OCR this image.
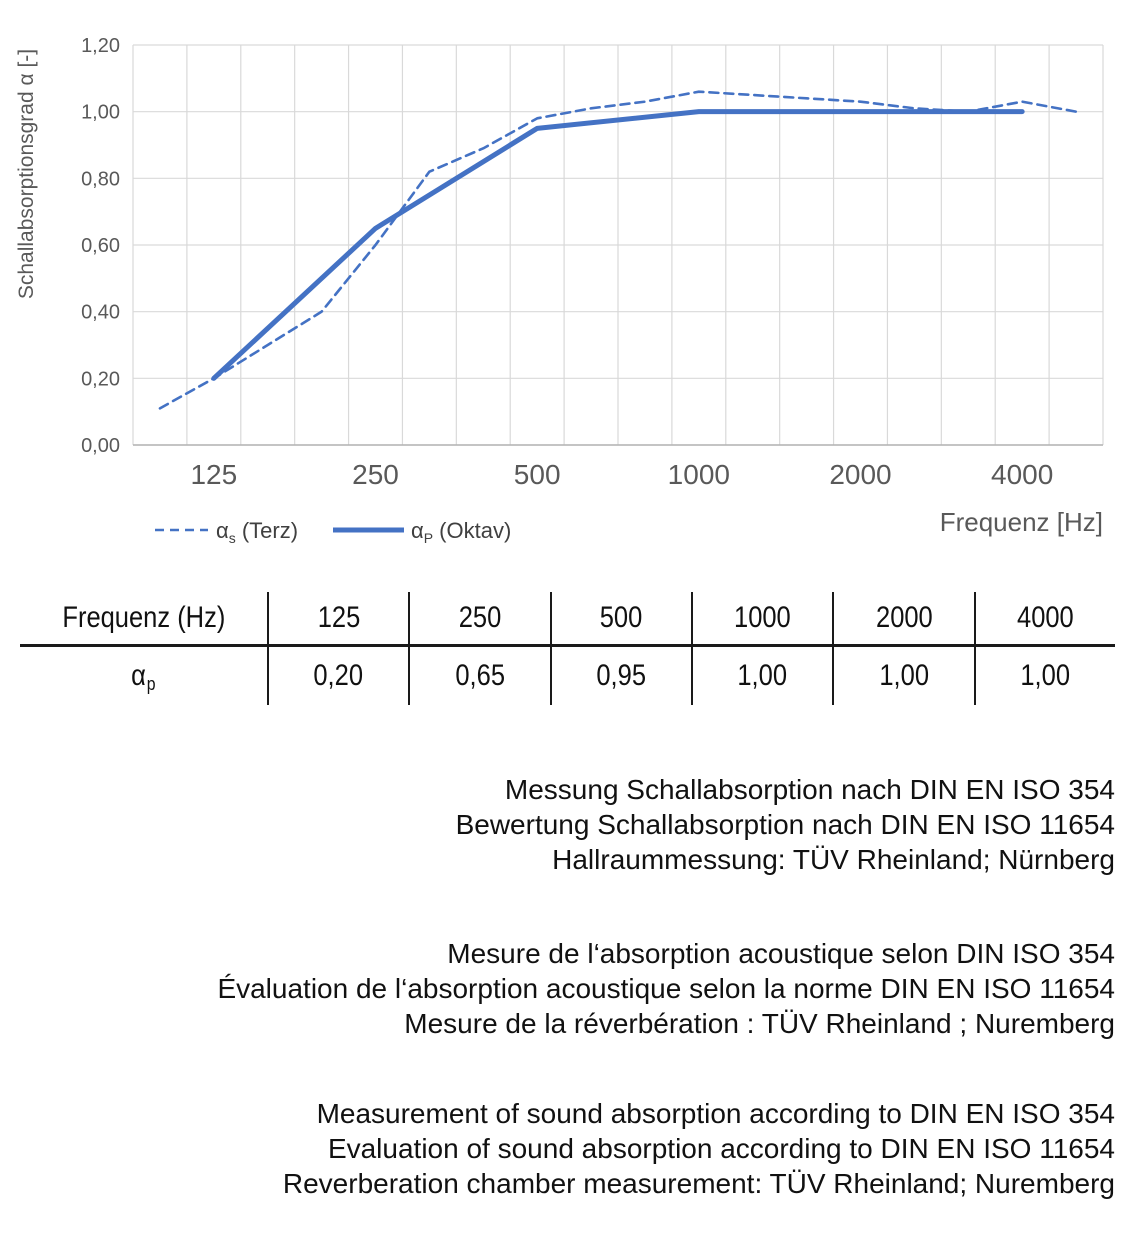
0,00
0,20
0,40
0,60
0,80
1,00
1,20
125	250	500	1000	2000	4000
Frequenz [Hz]
Schallabsorptionsgrad α [-]
$\alpha_s$ (Terz)	$\alpha_P$ (Oktav)
Frequenz (Hz)	125	250	500	1000	2000	4000
αp	0,20	0,65	0,95	1,00	1,00	1,00
Messung Schallabsorption nach DIN EN ISO 354
Bewertung Schallabsorption nach DIN EN ISO 11654
Hallraummessung: TÜV Rheinland; Nürnberg
Mesure de l‘absorption acoustique selon DIN ISO 354
Évaluation de l‘absorption acoustique selon la norme DIN EN ISO 11654
Mesure de la réverbération : TÜV Rheinland ; Nuremberg
Measurement of sound absorption according to DIN EN ISO 354
Evaluation of sound absorption according to DIN EN ISO 11654
Reverberation chamber measurement: TÜV Rheinland; Nuremberg
